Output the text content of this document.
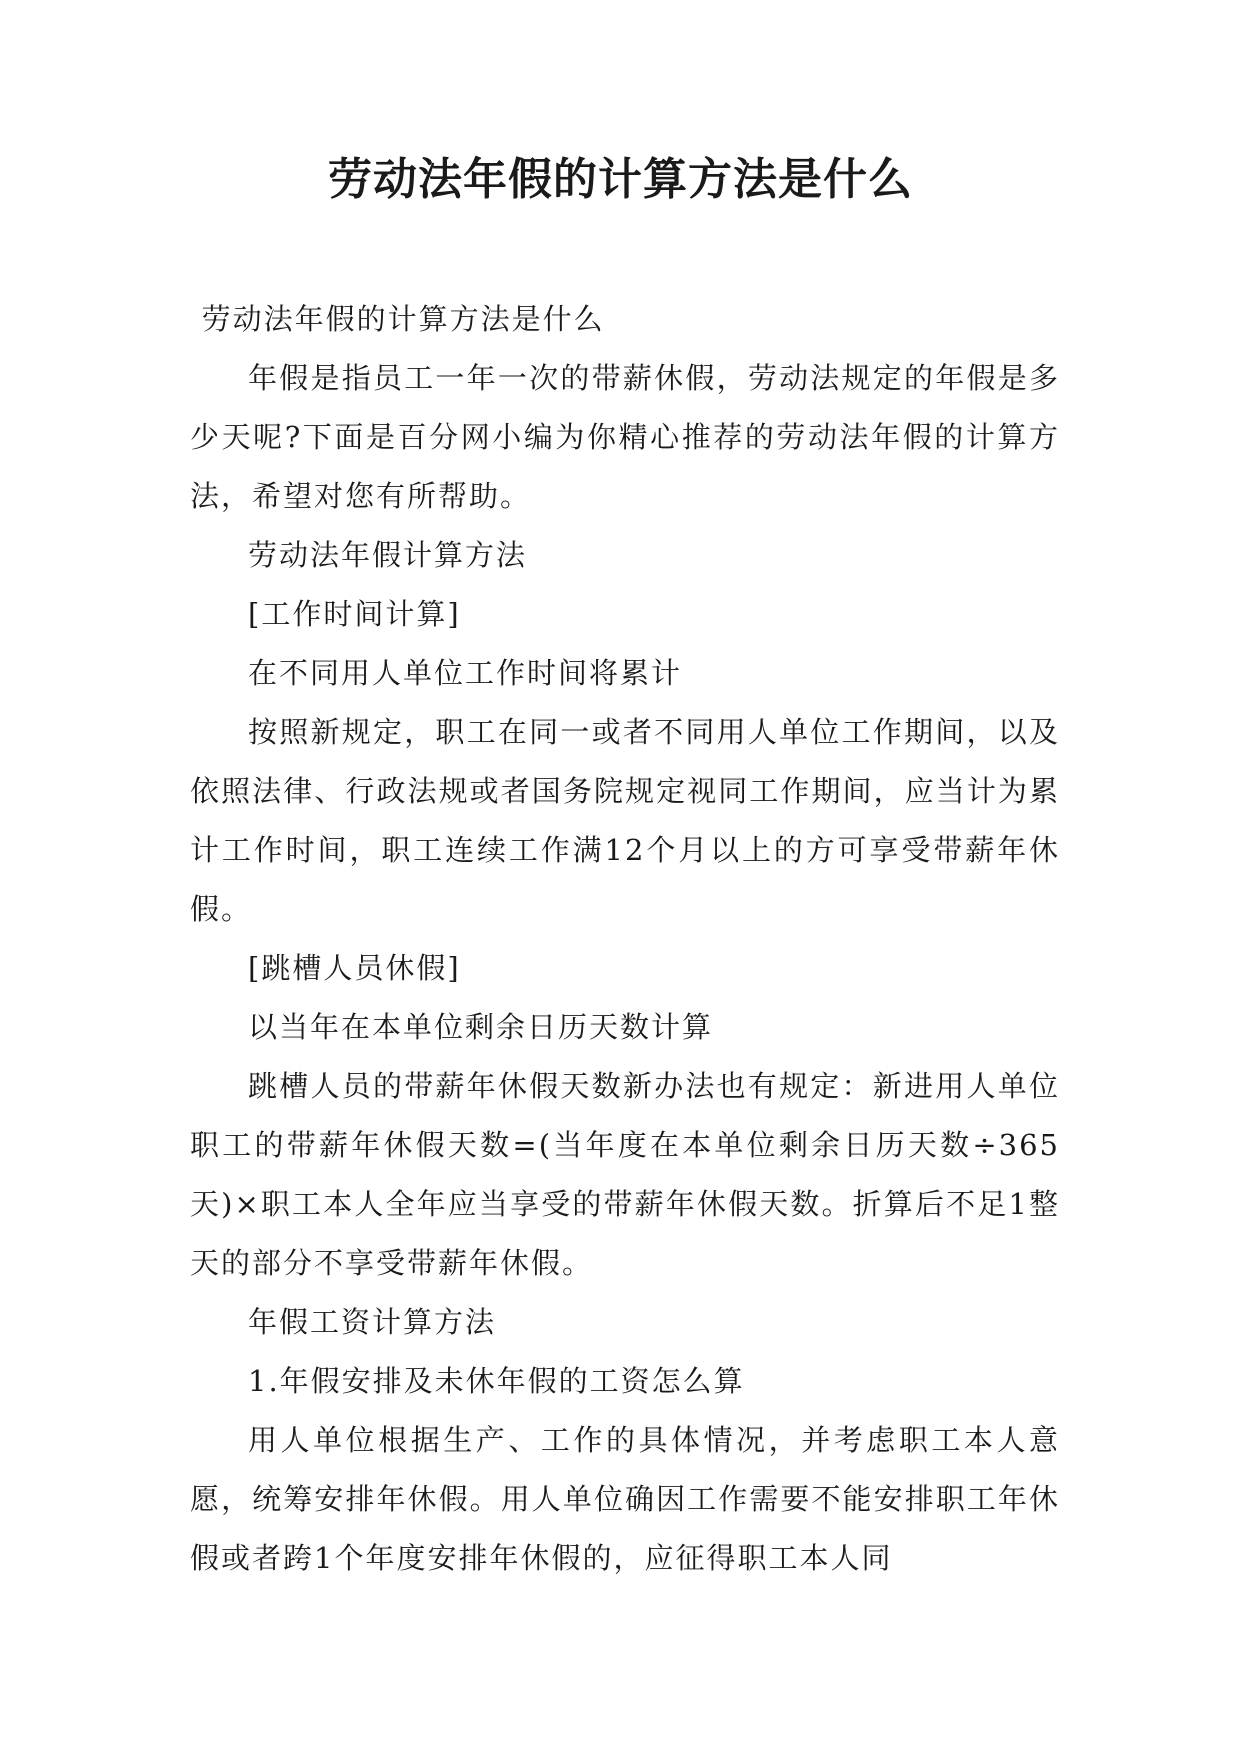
劳动法年假的计算方法是什么

劳动法年假的计算方法是什么

年假是指员工一年一次的带薪休假，劳动法规定的年假是多少天呢?下面是百分网小编为你精心推荐的劳动法年假的计算方法，希望对您有所帮助。

劳动法年假计算方法

[工作时间计算]

在不同用人单位工作时间将累计

按照新规定，职工在同一或者不同用人单位工作期间，以及依照法律、行政法规或者国务院规定视同工作期间，应当计为累计工作时间，职工连续工作满12个月以上的方可享受带薪年休假。

[跳槽人员休假]

以当年在本单位剩余日历天数计算

跳槽人员的带薪年休假天数新办法也有规定：新进用人单位职工的带薪年休假天数=(当年度在本单位剩余日历天数÷365天)×职工本人全年应当享受的带薪年休假天数。折算后不足1整天的部分不享受带薪年休假。

年假工资计算方法

1.年假安排及未休年假的工资怎么算

用人单位根据生产、工作的具体情况，并考虑职工本人意愿，统筹安排年休假。用人单位确因工作需要不能安排职工年休假或者跨1个年度安排年休假的，应征得职工本人同
